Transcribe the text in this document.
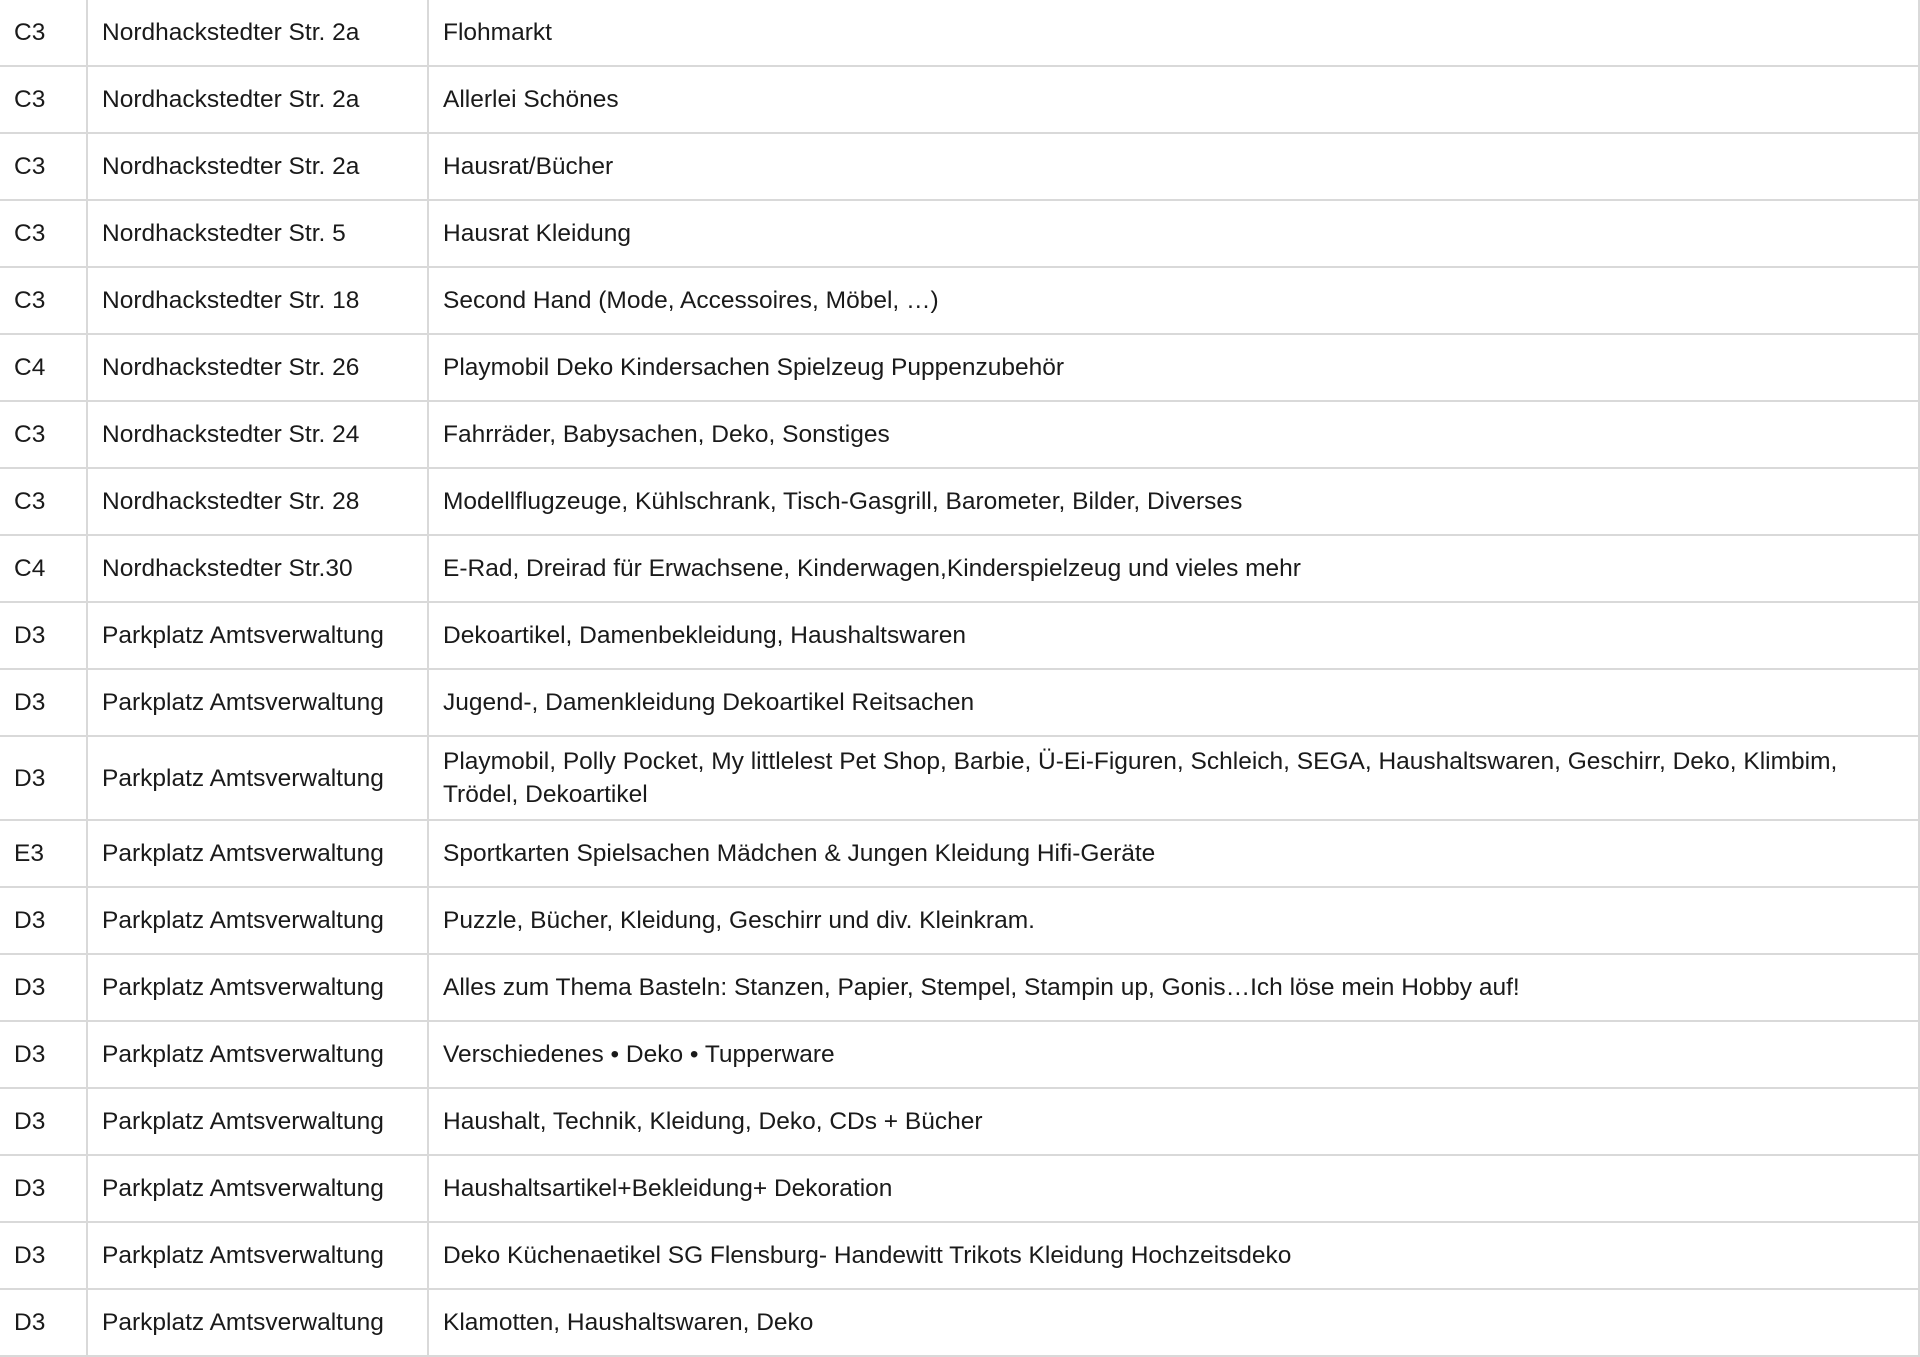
C3	Nordhackstedter Str. 2a	Flohmarkt
C3	Nordhackstedter Str. 2a	Allerlei Schönes
C3	Nordhackstedter Str. 2a	Hausrat/Bücher
C3	Nordhackstedter Str. 5	Hausrat Kleidung
C3	Nordhackstedter Str. 18	Second Hand (Mode, Accessoires, Möbel, …)
C4	Nordhackstedter Str. 26	Playmobil Deko Kindersachen Spielzeug Puppenzubehör
C3	Nordhackstedter Str. 24	Fahrräder, Babysachen, Deko, Sonstiges
C3	Nordhackstedter Str. 28	Modellflugzeuge, Kühlschrank, Tisch-Gasgrill, Barometer, Bilder, Diverses
C4	Nordhackstedter Str.30	E-Rad, Dreirad für Erwachsene, Kinderwagen,Kinderspielzeug und vieles mehr
D3	Parkplatz Amtsverwaltung	Dekoartikel, Damenbekleidung, Haushaltswaren
D3	Parkplatz Amtsverwaltung	Jugend-, Damenkleidung Dekoartikel Reitsachen
D3	Parkplatz Amtsverwaltung	Playmobil, Polly Pocket, My littlelest Pet Shop, Barbie, Ü-Ei-Figuren, Schleich, SEGA, Haushaltswaren, Geschirr, Deko, Klimbim, Trödel, Dekoartikel
E3	Parkplatz Amtsverwaltung	Sportkarten Spielsachen Mädchen & Jungen Kleidung Hifi-Geräte
D3	Parkplatz Amtsverwaltung	Puzzle, Bücher, Kleidung, Geschirr und div. Kleinkram.
D3	Parkplatz Amtsverwaltung	Alles zum Thema Basteln: Stanzen, Papier, Stempel, Stampin up, Gonis…Ich löse mein Hobby auf!
D3	Parkplatz Amtsverwaltung	Verschiedenes • Deko • Tupperware
D3	Parkplatz Amtsverwaltung	Haushalt, Technik, Kleidung, Deko, CDs + Bücher
D3	Parkplatz Amtsverwaltung	Haushaltsartikel+Bekleidung+ Dekoration
D3	Parkplatz Amtsverwaltung	Deko Küchenaetikel SG Flensburg- Handewitt Trikots Kleidung Hochzeitsdeko
D3	Parkplatz Amtsverwaltung	Klamotten, Haushaltswaren, Deko
